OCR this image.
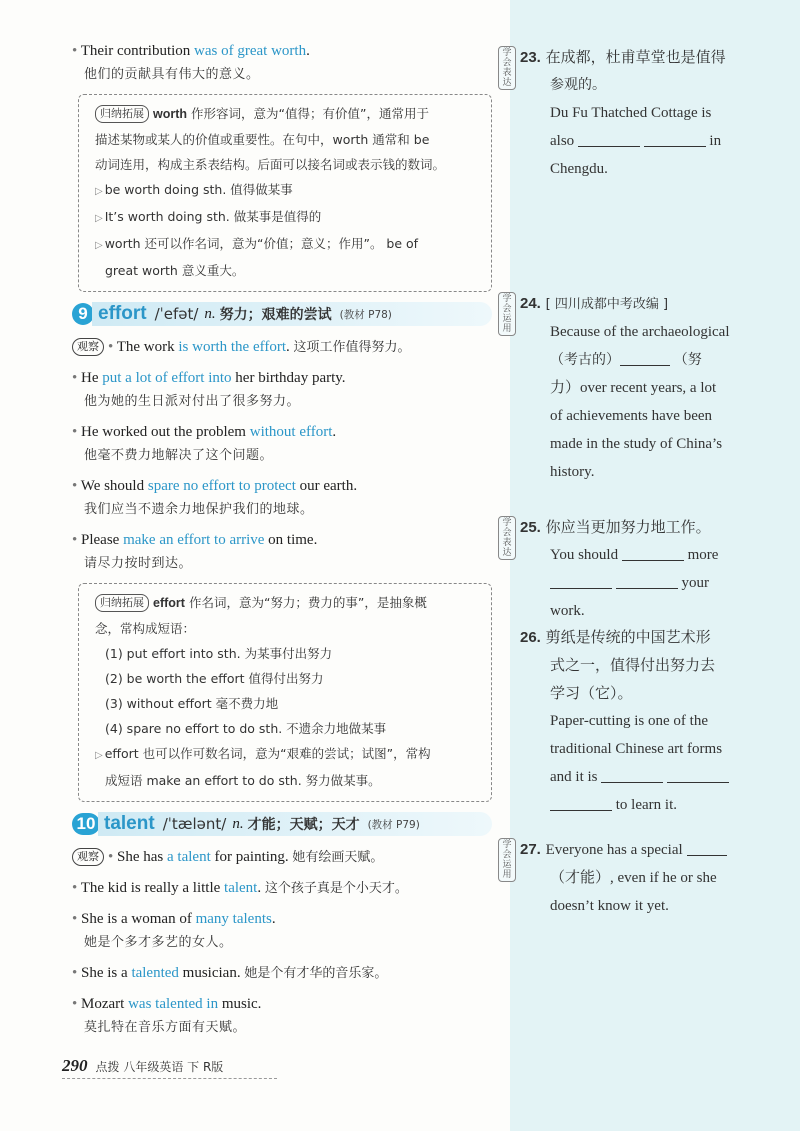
• Their contribution was of great worth.
他们的贡献具有伟大的意义。
归纳拓展 worth 作形容词，意为“值得；有价值”，通常用于
描述某物或某人的价值或重要性。在句中，worth 通常和 be
动词连用，构成主系表结构。后面可以接名词或表示钱的数词。
▷ be worth doing sth. 值得做某事
▷ It’s worth doing sth. 做某事是值得的
▷ worth 还可以作名词，意为“价值；意义；作用”。 be of
great worth 意义重大。
9 effort /ˈefət/ n. 努力；艰难的尝试 (教材 P78)
观察 • The work is worth the effort. 这项工作值得努力。
• He put a lot of effort into her birthday party.
他为她的生日派对付出了很多努力。
• He worked out the problem without effort.
他毫不费力地解决了这个问题。
• We should spare no effort to protect our earth.
我们应当不遗余力地保护我们的地球。
• Please make an effort to arrive on time.
请尽力按时到达。
归纳拓展 effort 作名词，意为“努力；费力的事”，是抽象概
念，常构成短语：
(1) put effort into sth. 为某事付出努力
(2) be worth the effort 值得付出努力
(3) without effort 毫不费力地
(4) spare no effort to do sth. 不遗余力地做某事
▷ effort 也可以作可数名词，意为“艰难的尝试；试图”，常构
成短语 make an effort to do sth. 努力做某事。
10 talent /ˈtælənt/ n. 才能；天赋；天才 (教材 P79)
观察 • She has a talent for painting. 她有绘画天赋。
• The kid is really a little talent. 这个孩子真是个小天才。
• She is a woman of many talents.
她是个多才多艺的女人。
• She is a talented musician. 她是个有才华的音乐家。
• Mozart was talented in music.
莫扎特在音乐方面有天赋。
290 点拨 八年级英语 下 R版
学会表达
23. 在成都，杜甫草堂也是值得
参观的。
Du Fu Thatched Cottage is
also	in
Chengdu.
学会运用
24. [ 四川成都中考改编 ]
Because of the archaeological
（考古的）	（努
力）over recent years, a lot
of achievements have been
made in the study of China’s
history.
学会表达
25. 你应当更加努力地工作。
You should	more
your
work.
26. 剪纸是传统的中国艺术形
式之一，值得付出努力去
学习（它）。
Paper-cutting is one of the
traditional Chinese art forms
and it is
to learn it.
学会运用
27. Everyone has a special
（才能）, even if he or she
doesn’t know it yet.
